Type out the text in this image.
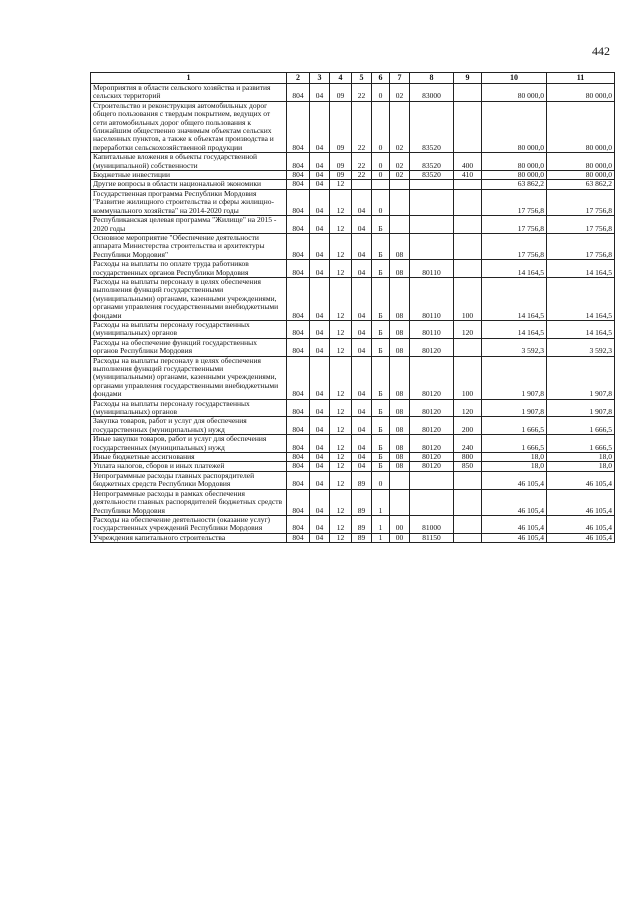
442
1	2	3	4	5	6	7	8	9	10	11
Мероприятия в области сельского хозяйства и развития сельских территорий	804	04	09	22	0	02	83000		80 000,0	80 000,0
Строительство и реконструкция автомобильных дорог общего пользования с твердым покрытием, ведущих от сети автомобильных дорог общего пользования к ближайшим общественно значимым объектам сельских населенных пунктов, а также к объектам производства и переработки сельскохозяйственной продукции	804	04	09	22	0	02	83520		80 000,0	80 000,0
Капитальные вложения в объекты государственной (муниципальной) собственности	804	04	09	22	0	02	83520	400	80 000,0	80 000,0
Бюджетные инвестиции	804	04	09	22	0	02	83520	410	80 000,0	80 000,0
Другие вопросы в области национальной экономики	804	04	12						63 862,2	63 862,2
Государственная программа Республики Мордовия "Развитие жилищного строительства и сферы жилищно-коммунального хозяйства" на 2014-2020 годы	804	04	12	04	0				17 756,8	17 756,8
Республиканская целевая программа "Жилище" на 2015 - 2020 годы	804	04	12	04	Б				17 756,8	17 756,8
Основное мероприятие "Обеспечение деятельности аппарата Министерства строительства и архитектуры Республики Мордовия"	804	04	12	04	Б	08			17 756,8	17 756,8
Расходы на выплаты по оплате труда работников государственных органов Республики Мордовия	804	04	12	04	Б	08	80110		14 164,5	14 164,5
Расходы на выплаты персоналу в целях обеспечения выполнения функций государственными (муниципальными) органами, казенными учреждениями, органами управления государственными внебюджетными фондами	804	04	12	04	Б	08	80110	100	14 164,5	14 164,5
Расходы на выплаты персоналу государственных (муниципальных) органов	804	04	12	04	Б	08	80110	120	14 164,5	14 164,5
Расходы на обеспечение функций государственных органов Республики Мордовия	804	04	12	04	Б	08	80120		3 592,3	3 592,3
Расходы на выплаты персоналу в целях обеспечения выполнения функций государственными (муниципальными) органами, казенными учреждениями, органами управления государственными внебюджетными фондами	804	04	12	04	Б	08	80120	100	1 907,8	1 907,8
Расходы на выплаты персоналу государственных (муниципальных) органов	804	04	12	04	Б	08	80120	120	1 907,8	1 907,8
Закупка товаров, работ и услуг для обеспечения государственных (муниципальных) нужд	804	04	12	04	Б	08	80120	200	1 666,5	1 666,5
Иные закупки товаров, работ и услуг для обеспечения государственных (муниципальных) нужд	804	04	12	04	Б	08	80120	240	1 666,5	1 666,5
Иные бюджетные ассигнования	804	04	12	04	Б	08	80120	800	18,0	18,0
Уплата налогов, сборов и иных платежей	804	04	12	04	Б	08	80120	850	18,0	18,0
Непрограммные расходы главных распорядителей бюджетных средств Республики Мордовия	804	04	12	89	0				46 105,4	46 105,4
Непрограммные расходы в рамках обеспечения деятельности главных распорядителей бюджетных средств Республики Мордовия	804	04	12	89	1				46 105,4	46 105,4
Расходы на обеспечение деятельности (оказание услуг) государственных учреждений Республики Мордовия	804	04	12	89	1	00	81000		46 105,4	46 105,4
Учреждения капитального строительства	804	04	12	89	1	00	81150		46 105,4	46 105,4
